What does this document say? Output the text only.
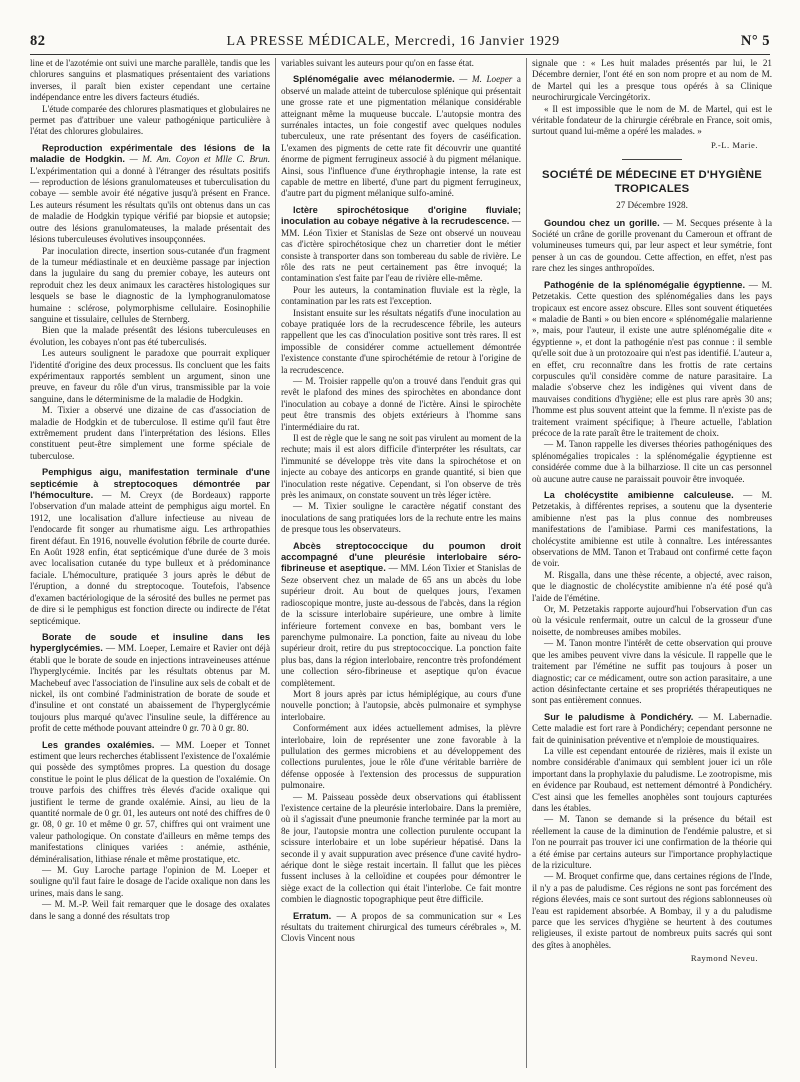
82	LA PRESSE MÉDICALE, Mercredi, 16 Janvier 1929	N° 5

line et de l'azotémie ont suivi une marche parallèle, tandis que les chlorures sanguins et plasmatiques présentaient des variations inverses, il paraît bien exister cependant une certaine indépendance entre les divers facteurs étudiés.

L'étude comparée des chlorures plasmatiques et globulaires ne permet pas d'attribuer une valeur pathogénique particulière à l'état des chlorures globulaires.

Reproduction expérimentale des lésions de la maladie de Hodgkin. — M. Am. Coyon et Mlle C. Brun. L'expérimentation qui a donné à l'étranger des résultats positifs — reproduction de lésions granulomateuses et tuberculisation du cobaye — semble avoir été négative jusqu'à présent en France. Les auteurs résument les résultats qu'ils ont obtenus dans un cas de maladie de Hodgkin typique vérifié par biopsie et autopsie; outre des lésions granulomateuses, la malade présentait des lésions tuberculeuses évolutives insoupçonnées.

Par inoculation directe, insertion sous-cutanée d'un fragment de la tumeur médiastinale et en deuxième passage par injection dans la jugulaire du sang du premier cobaye, les auteurs ont reproduit chez les deux animaux les caractères histologiques sur lesquels se base le diagnostic de la lymphogranulomatose humaine : sclérose, polymorphisme cellulaire. Eosinophilie sanguine et tissulaire, cellules de Sternberg.

Bien que la malade présentât des lésions tuberculeuses en évolution, les cobayes n'ont pas été tuberculisés.

Les auteurs soulignent le paradoxe que pourrait expliquer l'identité d'origine des deux processus. Ils concluent que les faits expérimentaux rapportés semblent un argument, sinon une preuve, en faveur du rôle d'un virus, transmissible par la voie sanguine, dans le déterminisme de la maladie de Hodgkin.

M. Tixier a observé une dizaine de cas d'association de maladie de Hodgkin et de tuberculose. Il estime qu'il faut être extrêmement prudent dans l'interprétation des lésions. Elles constituent peut-être simplement une forme spéciale de tuberculose.

Pemphigus aigu, manifestation terminale d'une septicémie à streptocoques démontrée par l'hémoculture. — M. Creyx (de Bordeaux) rapporte l'observation d'un malade atteint de pemphigus aigu mortel. En 1912, une localisation d'allure infectieuse au niveau de l'endocarde fit songer au rhumatisme aigu. Les arthropathies firent défaut. En 1916, nouvelle évolution fébrile de courte durée. En Août 1928 enfin, état septicémique d'une durée de 3 mois avec localisation cutanée du type bulleux et à prédominance faciale. L'hémoculture, pratiquée 3 jours après le début de l'éruption, a donné du streptocoque. Toutefois, l'absence d'examen bactériologique de la sérosité des bulles ne permet pas de dire si le pemphigus est fonction directe ou indirecte de l'état septicémique.

Borate de soude et insuline dans les hyperglycémies. — MM. Loeper, Lemaire et Ravier ont déjà établi que le borate de soude en injections intraveineuses atténue l'hyperglycémie. Incités par les résultats obtenus par M. Machebeuf avec l'association de l'insuline aux sels de cobalt et de nickel, ils ont combiné l'administration de borate de soude et d'insuline et ont constaté un abaissement de l'hyperglycémie toujours plus marqué qu'avec l'insuline seule, la différence au profit de cette méthode pouvant atteindre 0 gr. 70 à 0 gr. 80.

Les grandes oxalémies. — MM. Loeper et Tonnet estiment que leurs recherches établissent l'existence de l'oxalémie qui possède des symptômes propres. La question du dosage constitue le point le plus délicat de la question de l'oxalémie. On trouve parfois des chiffres très élevés d'acide oxalique qui justifient le terme de grande oxalémie. Ainsi, au lieu de la quantité normale de 0 gr. 01, les auteurs ont noté des chiffres de 0 gr. 08, 0 gr. 10 et même 0 gr. 57, chiffres qui ont vraiment une valeur pathologique. On constate d'ailleurs en même temps des manifestations cliniques variées : anémie, asthénie, déminéralisation, lithiase rénale et même prostatique, etc.

— M. Guy Laroche partage l'opinion de M. Loeper et souligne qu'il faut faire le dosage de l'acide oxalique non dans les urines, mais dans le sang.

— M. M.-P. Weil fait remarquer que le dosage des oxalates dans le sang a donné des résultats trop

variables suivant les auteurs pour qu'on en fasse état.

Splénomégalie avec mélanodermie. — M. Loeper a observé un malade atteint de tuberculose splénique qui présentait une grosse rate et une pigmentation mélanique considérable atteignant même la muqueuse buccale. L'autopsie montra des surrénales intactes, un foie congestif avec quelques nodules tuberculeux, une rate présentant des foyers de caséification. L'examen des pigments de cette rate fit découvrir une quantité énorme de pigment ferrugineux associé à du pigment mélanique. Ainsi, sous l'influence d'une érythrophagie intense, la rate est capable de mettre en liberté, d'une part du pigment ferrugineux, d'autre part du pigment mélanique sulfo-aminé.

Ictère spirochétosique d'origine fluviale; inoculation au cobaye négative à la recrudescence. — MM. Léon Tixier et Stanislas de Seze ont observé un nouveau cas d'ictère spirochétosique chez un charretier dont le métier consiste à transporter dans son tombereau du sable de rivière. Le rôle des rats ne peut certainement pas être invoqué; la contamination s'est faite par l'eau de rivière elle-même.

Pour les auteurs, la contamination fluviale est la règle, la contamination par les rats est l'exception.

Insistant ensuite sur les résultats négatifs d'une inoculation au cobaye pratiquée lors de la recrudescence fébrile, les auteurs rappellent que les cas d'inoculation positive sont très rares. Il est impossible de considérer comme actuellement démontrée l'existence constante d'une spirochétémie de retour à l'origine de la recrudescence.

— M. Troisier rappelle qu'on a trouvé dans l'enduit gras qui revêt le plafond des mines des spirochètes en abondance dont l'inoculation au cobaye a donné de l'ictère. Ainsi le spirochète peut être transmis des objets extérieurs à l'homme sans l'intermédiaire du rat.

Il est de règle que le sang ne soit pas virulent au moment de la rechute; mais il est alors difficile d'interpréter les résultats, car l'immunité se développe très vite dans la spirochétose et on injecte au cobaye des anticorps en grande quantité, si bien que l'inoculation reste négative. Cependant, si l'on observe de très près les animaux, on constate souvent un très léger ictère.

— M. Tixier souligne le caractère négatif constant des inoculations de sang pratiquées lors de la rechute entre les mains de presque tous les observateurs.

Abcès streptococcique du poumon droit accompagné d'une pleurésie interlobaire séro-fibrineuse et aseptique. — MM. Léon Tixier et Stanislas de Seze observent chez un malade de 65 ans un abcès du lobe supérieur droit. Au bout de quelques jours, l'examen radioscopique montre, juste au-dessous de l'abcès, dans la région de la scissure interlobaire supérieure, une ombre à limite inférieure fortement convexe en bas, bombant vers le parenchyme pulmonaire. La ponction, faite au niveau du lobe supérieur droit, retire du pus streptococcique. La ponction faite plus bas, dans la région interlobaire, rencontre très profondément une collection séro-fibrineuse et aseptique qu'on évacue complètement.

Mort 8 jours après par ictus hémiplégique, au cours d'une nouvelle ponction; à l'autopsie, abcès pulmonaire et symphyse interlobaire.

Conformément aux idées actuellement admises, la plèvre interlobaire, loin de représenter une zone favorable à la pullulation des germes microbiens et au développement des collections purulentes, joue le rôle d'une véritable barrière de défense opposée à l'extension des processus de suppuration pulmonaire.

— M. Paisseau possède deux observations qui établissent l'existence certaine de la pleurésie interlobaire. Dans la première, où il s'agissait d'une pneumonie franche terminée par la mort au 8e jour, l'autopsie montra une collection purulente occupant la scissure interlobaire et un lobe supérieur hépatisé. Dans la seconde il y avait suppuration avec présence d'une cavité hydro-aérique dont le siège restait incertain. Il fallut que les pièces fussent incluses à la celloïdine et coupées pour démontrer le siège exact de la collection qui était l'interlobe. Ce fait montre combien le diagnostic topographique peut être difficile.

Erratum. — A propos de sa communication sur « Les résultats du traitement chirurgical des tumeurs cérébrales », M. Clovis Vincent nous

signale que : « Les huit malades présentés par lui, le 21 Décembre dernier, l'ont été en son nom propre et au nom de M. de Martel qui les a presque tous opérés à sa Clinique neurochirurgicale Vercingétorix.

« Il est impossible que le nom de M. de Martel, qui est le véritable fondateur de la chirurgie cérébrale en France, soit omis, surtout quand lui-même a opéré les malades. »

P.-L. Marie.
SOCIÉTÉ DE MÉDECINE ET D'HYGIÈNE TROPICALES
27 Décembre 1928.

Goundou chez un gorille. — M. Secques présente à la Société un crâne de gorille provenant du Cameroun et offrant de volumineuses tumeurs qui, par leur aspect et leur symétrie, font penser à un cas de goundou. Cette affection, en effet, n'est pas rare chez les singes anthropoïdes.

Pathogénie de la splénomégalie égyptienne. — M. Petzetakis. Cette question des splénomégalies dans les pays tropicaux est encore assez obscure. Elles sont souvent étiquetées « maladie de Banti » ou bien encore « splénomégalie malarienne », mais, pour l'auteur, il existe une autre splénomégalie dite « égyptienne », et dont la pathogénie n'est pas connue : il semble qu'elle soit due à un protozoaire qui n'est pas identifié. L'auteur a, en effet, cru reconnaître dans les frottis de rate certains corpuscules qu'il considère comme de nature parasitaire. La maladie s'observe chez les indigènes qui vivent dans de mauvaises conditions d'hygiène; elle est plus rare après 30 ans; l'homme est plus souvent atteint que la femme. Il n'existe pas de traitement vraiment spécifique; à l'heure actuelle, l'ablation précoce de la rate paraît être le traitement de choix.

— M. Tanon rappelle les diverses théories pathogéniques des splénomégalies tropicales : la splénomégalie égyptienne est considérée comme due à la bilharziose. Il cite un cas personnel où aucune autre cause ne paraissait pouvoir être invoquée.

La cholécystite amibienne calculeuse. — M. Petzetakis, à différentes reprises, a soutenu que la dysenterie amibienne n'est pas la plus connue des nombreuses manifestations de l'amibiase. Parmi ces manifestations, la cholécystite amibienne est utile à connaître. Les intéressantes observations de MM. Tanon et Trabaud ont confirmé cette façon de voir.

M. Risgalla, dans une thèse récente, a objecté, avec raison, que le diagnostic de cholécystite amibienne n'a été posé qu'à l'aide de l'émétine.

Or, M. Petzetakis rapporte aujourd'hui l'observation d'un cas où la vésicule renfermait, outre un calcul de la grosseur d'une noisette, de nombreuses amibes mobiles.

— M. Tanon montre l'intérêt de cette observation qui prouve que les amibes peuvent vivre dans la vésicule. Il rappelle que le traitement par l'émétine ne suffit pas toujours à poser un diagnostic; car ce médicament, outre son action parasitaire, a une action désinfectante certaine et ses propriétés thérapeutiques ne sont pas entièrement connues.

Sur le paludisme à Pondichéry. — M. Labernadie. Cette maladie est fort rare à Pondichéry; cependant personne ne fait de quininisation préventive et n'emploie de moustiquaires.

La ville est cependant entourée de rizières, mais il existe un nombre considérable d'animaux qui semblent jouer ici un rôle important dans la prophylaxie du paludisme. Le zootropisme, mis en évidence par Roubaud, est nettement démontré à Pondichéry. C'est ainsi que les femelles anophèles sont toujours capturées dans les étables.

— M. Tanon se demande si la présence du bétail est réellement la cause de la diminution de l'endémie palustre, et si l'on ne pourrait pas trouver ici une confirmation de la théorie qui a été émise par certains auteurs sur l'importance prophylactique de la riziculture.

— M. Broquet confirme que, dans certaines régions de l'Inde, il n'y a pas de paludisme. Ces régions ne sont pas forcément des régions élevées, mais ce sont surtout des régions sablonneuses où l'eau est rapidement absorbée. A Bombay, il y a du paludisme parce que les services d'hygiène se heurtent à des coutumes religieuses, il existe partout de nombreux puits sacrés qui sont des gîtes à anophèles.

Raymond Neveu.
